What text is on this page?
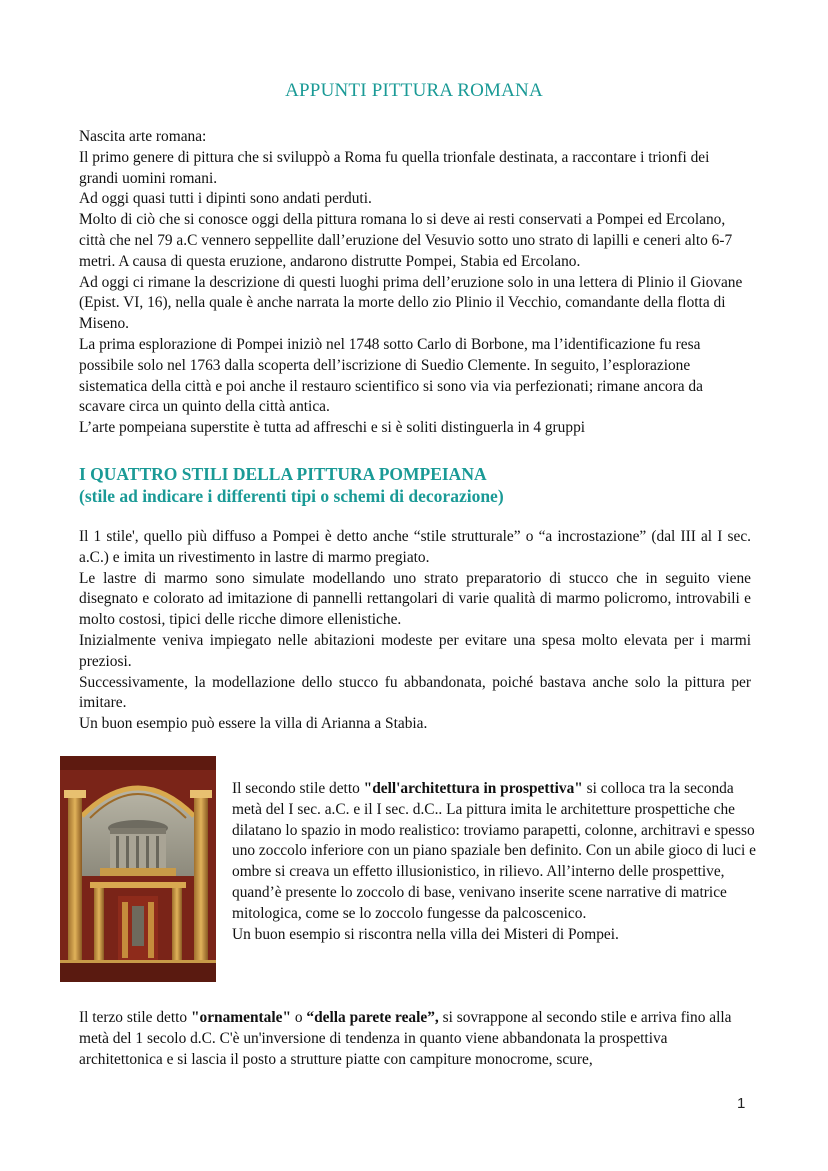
APPUNTI PITTURA ROMANA

Nascita arte romana:

Il primo genere di pittura che si sviluppò a Roma fu quella trionfale destinata, a raccontare i trionfi dei grandi uomini romani.

Ad oggi quasi tutti i dipinti sono andati perduti.

Molto di ciò che si conosce oggi della pittura romana lo si deve ai resti conservati a Pompei ed Ercolano, città che nel 79 a.C vennero seppellite dall’eruzione del Vesuvio sotto uno strato di lapilli e ceneri alto 6-7 metri. A causa di questa eruzione, andarono distrutte Pompei, Stabia ed Ercolano.

Ad oggi ci rimane la descrizione di questi luoghi prima dell’eruzione solo in una lettera di Plinio il Giovane (Epist. VI, 16), nella quale è anche narrata la morte dello zio Plinio il Vecchio, comandante della flotta di Miseno.

La prima esplorazione di Pompei iniziò nel 1748 sotto Carlo di Borbone, ma l’identificazione fu resa possibile solo nel 1763 dalla scoperta dell’iscrizione di Suedio Clemente. In seguito, l’esplorazione sistematica della città e poi anche il restauro scientifico si sono via via perfezionati; rimane ancora da scavare circa un quinto della città antica.

L’arte pompeiana superstite è tutta ad affreschi e si è soliti distinguerla in 4 gruppi

I QUATTRO STILI DELLA PITTURA POMPEIANA
(stile ad indicare i differenti tipi o schemi di decorazione)

Il 1 stile', quello più diffuso a Pompei è detto anche “stile strutturale” o “a incrostazione” (dal III al I sec. a.C.) e imita un rivestimento in lastre di marmo pregiato.

Le lastre di marmo sono simulate modellando uno strato preparatorio di stucco che in seguito viene disegnato e colorato ad imitazione di pannelli rettangolari di varie qualità di marmo policromo, introvabili e molto costosi, tipici delle ricche dimore ellenistiche.

Inizialmente veniva impiegato nelle abitazioni modeste per evitare una spesa molto elevata per i marmi preziosi.

Successivamente, la modellazione dello stucco fu abbandonata, poiché bastava anche solo la pittura per imitare.

Un buon esempio può essere la villa di Arianna a Stabia.

Il secondo stile detto "dell'architettura in prospettiva" si colloca tra la seconda metà del I sec. a.C. e il I sec. d.C.. La pittura imita le architetture prospettiche che dilatano lo spazio in modo realistico: troviamo parapetti, colonne, architravi e spesso uno zoccolo inferiore con un piano spaziale ben definito. Con un abile gioco di luci e ombre si creava un effetto illusionistico, in rilievo. All’interno delle prospettive, quand’è presente lo zoccolo di base, venivano inserite scene narrative di matrice mitologica, come se lo zoccolo fungesse da palcoscenico.

Un buon esempio si riscontra nella villa dei Misteri di Pompei.

Il terzo stile detto "ornamentale" o “della parete reale”, si sovrappone al secondo stile e arriva fino alla metà del 1 secolo d.C. C'è un'inversione di tendenza in quanto viene abbandonata la prospettiva architettonica e si lascia il posto a strutture piatte con campiture monocrome, scure,

1
